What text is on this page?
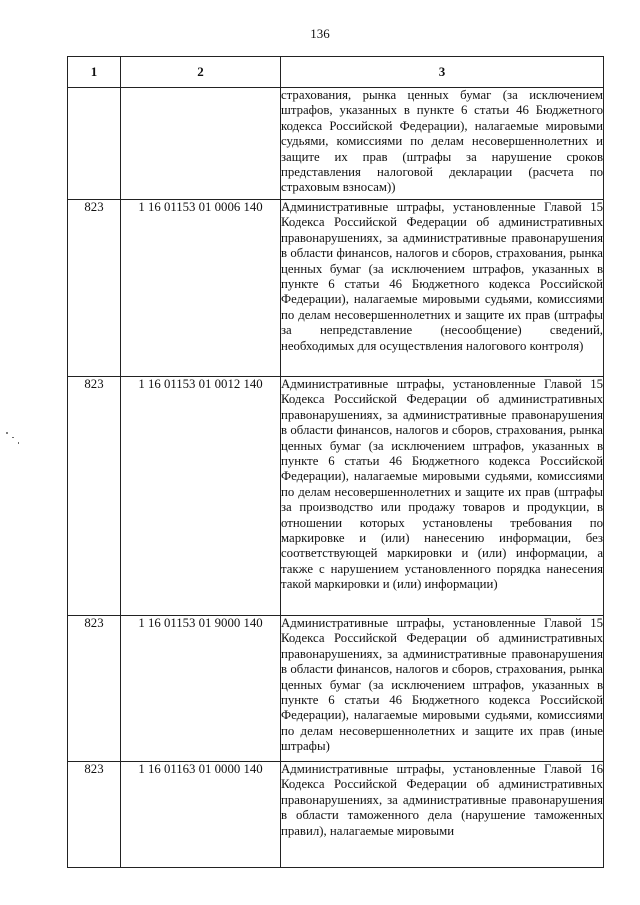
136
1	2	3
		страхования, рынка ценных бумаг (за исключением штрафов, указанных в пункте 6 статьи 46 Бюджетного кодекса Российской Федерации), налагаемые мировыми судьями, комиссиями по делам несовершеннолетних и защите их прав (штрафы за нарушение сроков представления налоговой декларации (расчета по страховым взносам))
823	1 16 01153 01 0006 140	Административные штрафы, установленные Главой 15 Кодекса Российской Федерации об административных правонарушениях, за административные правонарушения в области финансов, налогов и сборов, страхования, рынка ценных бумаг (за исключением штрафов, указанных в пункте 6 статьи 46 Бюджетного кодекса Российской Федерации), налагаемые мировыми судьями, комиссиями по делам несовершеннолетних и защите их прав (штрафы за непредставление (несообщение) сведений, необходимых для осуществления налогового контроля)
823	1 16 01153 01 0012 140	Административные штрафы, установленные Главой 15 Кодекса Российской Федерации об административных правонарушениях, за административные правонарушения в области финансов, налогов и сборов, страхования, рынка ценных бумаг (за исключением штрафов, указанных в пункте 6 статьи 46 Бюджетного кодекса Российской Федерации), налагаемые мировыми судьями, комиссиями по делам несовершеннолетних и защите их прав (штрафы за производство или продажу товаров и продукции, в отношении которых установлены требования по маркировке и (или) нанесению информации, без соответствующей маркировки и (или) информации, а также с нарушением установленного порядка нанесения такой маркировки и (или) информации)
823	1 16 01153 01 9000 140	Административные штрафы, установленные Главой 15 Кодекса Российской Федерации об административных правонарушениях, за административные правонарушения в области финансов, налогов и сборов, страхования, рынка ценных бумаг (за исключением штрафов, указанных в пункте 6 статьи 46 Бюджетного кодекса Российской Федерации), налагаемые мировыми судьями, комиссиями по делам несовершеннолетних и защите их прав (иные штрафы)
823	1 16 01163 01 0000 140	Административные штрафы, установленные Главой 16 Кодекса Российской Федерации об административных правонарушениях, за административные правонарушения в области таможенного дела (нарушение таможенных правил), налагаемые мировыми
